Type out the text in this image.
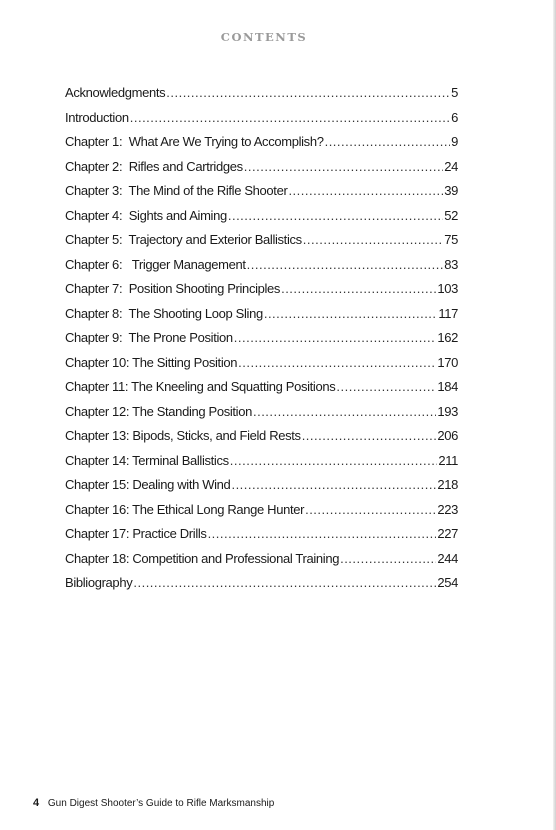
CONTENTS
Acknowledgments .....	5
Introduction .....	6
Chapter 1:  What Are We Trying to Accomplish? .....	9
Chapter 2:  Rifles and Cartridges .....	24
Chapter 3:  The Mind of the Rifle Shooter .....	39
Chapter 4:  Sights and Aiming .....	52
Chapter 5:  Trajectory and Exterior Ballistics .....	75
Chapter 6:   Trigger Management .....	83
Chapter 7:  Position Shooting Principles .....	103
Chapter 8:  The Shooting Loop Sling .....	117
Chapter 9:  The Prone Position .....	162
Chapter 10: The Sitting Position .....	170
Chapter 11: The Kneeling and Squatting Positions .....	184
Chapter 12: The Standing Position .....	193
Chapter 13: Bipods, Sticks, and Field Rests .....	206
Chapter 14: Terminal Ballistics .....	211
Chapter 15: Dealing with Wind .....	218
Chapter 16: The Ethical Long Range Hunter .....	223
Chapter 17: Practice Drills .....	227
Chapter 18: Competition and Professional Training .....	244
Bibliography .....	254
4 Gun Digest Shooter’s Guide to Rifle Marksmanship
